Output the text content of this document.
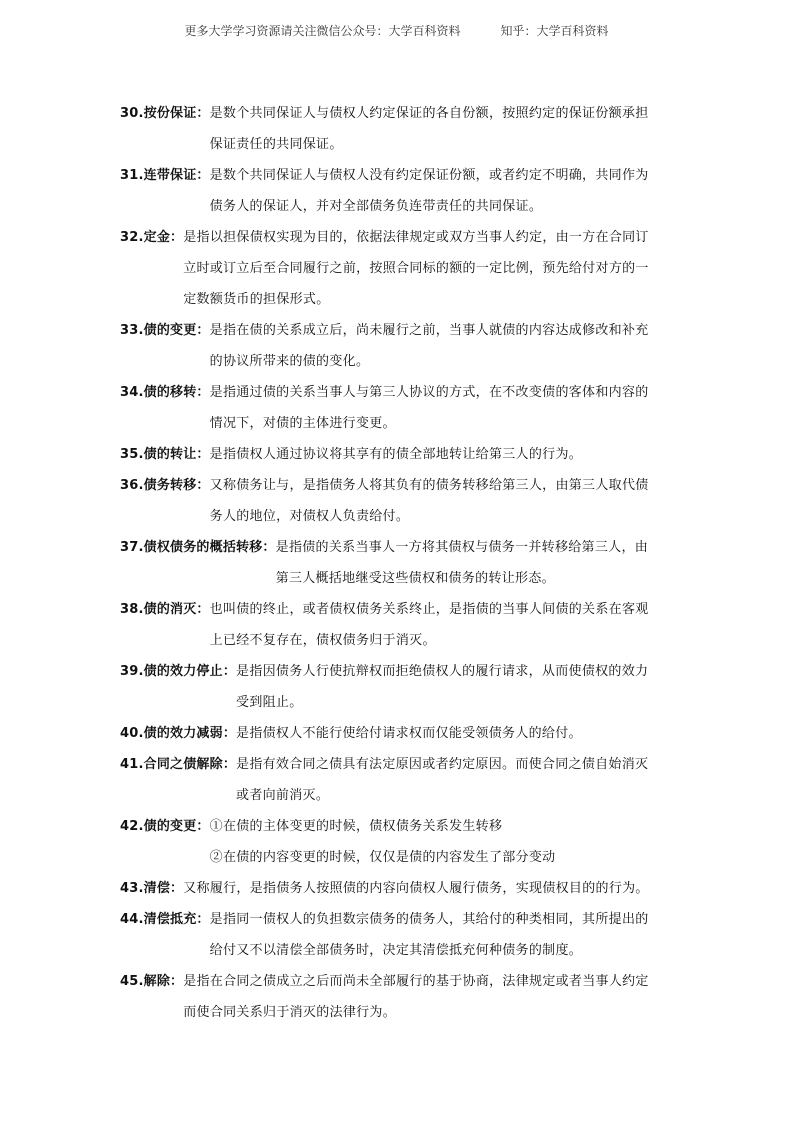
更多大学学习资源请关注微信公众号：大学百科资料	知乎：大学百科资料
30.按份保证： 是数个共同保证人与债权人约定保证的各自份额，按照约定的保证份额承担
保证责任的共同保证。
31.连带保证： 是数个共同保证人与债权人没有约定保证份额，或者约定不明确，共同作为
债务人的保证人，并对全部债务负连带责任的共同保证。
32.定金： 是指以担保债权实现为目的，依据法律规定或双方当事人约定，由一方在合同订
立时或订立后至合同履行之前，按照合同标的额的一定比例，预先给付对方的一
定数额货币的担保形式。
33.债的变更： 是指在债的关系成立后，尚未履行之前，当事人就债的内容达成修改和补充
的协议所带来的债的变化。
34.债的移转： 是指通过债的关系当事人与第三人协议的方式，在不改变债的客体和内容的
情况下，对债的主体进行变更。
35.债的转让： 是指债权人通过协议将其享有的债全部地转让给第三人的行为。
36.债务转移： 又称债务让与，是指债务人将其负有的债务转移给第三人，由第三人取代债
务人的地位，对债权人负责给付。
37.债权债务的概括转移： 是指债的关系当事人一方将其债权与债务一并转移给第三人，由
第三人概括地继受这些债权和债务的转让形态。
38.债的消灭： 也叫债的终止，或者债权债务关系终止，是指债的当事人间债的关系在客观
上已经不复存在，债权债务归于消灭。
39.债的效力停止： 是指因债务人行使抗辩权而拒绝债权人的履行请求，从而使债权的效力
受到阻止。
40.债的效力减弱： 是指债权人不能行使给付请求权而仅能受领债务人的给付。
41.合同之债解除： 是指有效合同之债具有法定原因或者约定原因。而使合同之债自始消灭
或者向前消灭。
42.债的变更： ①在债的主体变更的时候，债权债务关系发生转移
②在债的内容变更的时候，仅仅是债的内容发生了部分变动
43.清偿： 又称履行，是指债务人按照债的内容向债权人履行债务，实现债权目的的行为。
44.清偿抵充： 是指同一债权人的负担数宗债务的债务人，其给付的种类相同，其所提出的
给付又不以清偿全部债务时，决定其清偿抵充何种债务的制度。
45.解除： 是指在合同之债成立之后而尚未全部履行的基于协商，法律规定或者当事人约定
而使合同关系归于消灭的法律行为。
